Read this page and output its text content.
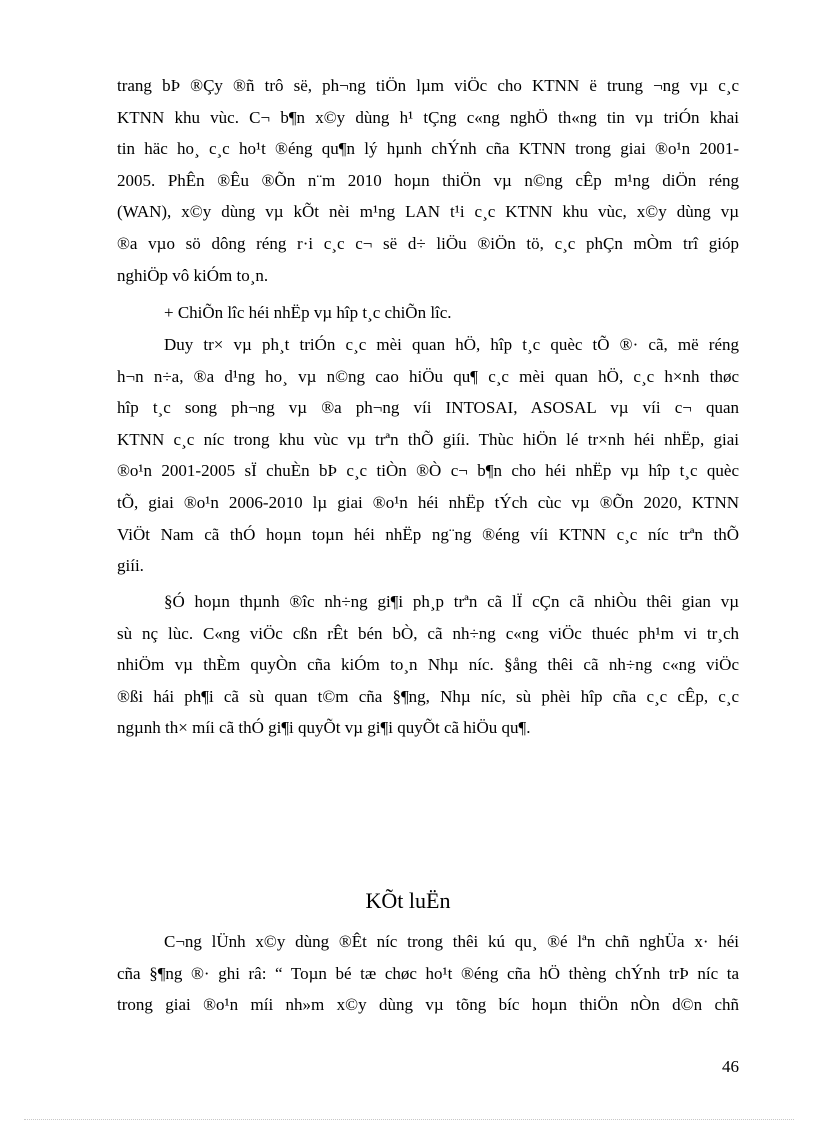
trang bÞ ®Çy ®ñ trô së, ph¬ng tiÖn lµm viÖc cho KTNN ë trung ¬ng vµ c¸c
KTNN khu vùc. C¬ b¶n x©y dùng h¹ tÇng c«ng nghÖ th«ng tin vµ triÓn khai
tin häc ho¸ c¸c ho¹t ®éng qu¶n lý hµnh chÝnh cña KTNN trong giai ®o¹n 2001-
2005. PhÊn ®Êu ®Õn n¨m 2010 hoµn thiÖn vµ n©ng cÊp m¹ng diÖn réng
(WAN), x©y dùng vµ kÕt nèi m¹ng LAN t¹i c¸c KTNN khu vùc, x©y dùng vµ
®a vµo sö dông réng r·i c¸c c¬ së d÷ liÖu ®iÖn tö, c¸c phÇn mÒm trî gióp
nghiÖp vô kiÓm to¸n.

+ ChiÕn lîc héi nhËp vµ hîp t¸c chiÕn lîc.

Duy tr× vµ ph¸t triÓn c¸c mèi quan hÖ, hîp t¸c quèc tÕ ®· cã, më réng
h¬n n÷a, ®a d¹ng ho¸ vµ n©ng cao hiÖu qu¶ c¸c mèi quan hÖ, c¸c h×nh thøc
hîp t¸c song ph¬ng vµ ®a ph¬ng víi INTOSAI, ASOSAL vµ víi c¬ quan
KTNN c¸c níc trong khu vùc vµ trªn thÕ giíi. Thùc hiÖn lé tr×nh héi nhËp, giai
®o¹n 2001-2005 sÏ chuÈn bÞ c¸c tiÒn ®Ò c¬ b¶n cho héi nhËp vµ hîp t¸c quèc
tÕ, giai ®o¹n 2006-2010 lµ giai ®o¹n héi nhËp tÝch cùc vµ ®Õn 2020, KTNN
ViÖt Nam cã thÓ hoµn toµn héi nhËp ng¨ng ®éng víi KTNN c¸c níc trªn thÕ
giíi.

§Ó hoµn thµnh ®îc nh÷ng gi¶i ph¸p trªn cã lÏ cÇn cã nhiÒu thêi gian vµ
sù nç lùc. C«ng viÖc cßn rÊt bén bÒ, cã nh÷ng c«ng viÖc thuéc ph¹m vi tr¸ch
nhiÖm vµ thÈm quyÒn cña kiÓm to¸n Nhµ níc. §ång thêi cã nh÷ng c«ng viÖc
®ßi hái ph¶i cã sù quan t©m cña §¶ng, Nhµ níc, sù phèi hîp cña c¸c cÊp, c¸c
ngµnh th× míi cã thÓ gi¶i quyÕt vµ gi¶i quyÕt cã hiÖu qu¶.

KÕt luËn

C¬ng lÜnh x©y dùng ®Êt níc trong thêi kú qu¸ ®é lªn chñ nghÜa x· héi
cña §¶ng ®· ghi râ: “ Toµn bé tæ chøc ho¹t ®éng cña hÖ thèng chÝnh trÞ níc ta
trong giai ®o¹n míi nh»m x©y dùng vµ tõng bíc hoµn thiÖn nÒn d©n chñ

46
